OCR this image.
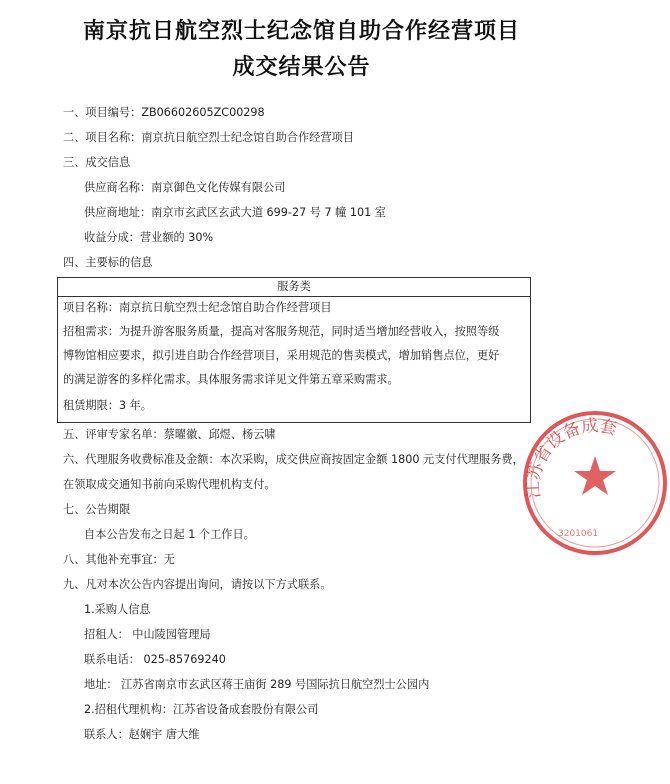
南京抗日航空烈士纪念馆自助合作经营项目
成交结果公告
一、项目编号：ZB06602605ZC00298
二、项目名称：南京抗日航空烈士纪念馆自助合作经营项目
三、成交信息
供应商名称：南京御色文化传媒有限公司
供应商地址：南京市玄武区玄武大道 699-27 号 7 幢 101 室
收益分成：营业额的 30%
四、主要标的信息
服务类
项目名称：南京抗日航空烈士纪念馆自助合作经营项目
招租需求：为提升游客服务质量，提高对客服务规范，同时适当增加经营收入，按照等级
博物馆相应要求，拟引进自助合作经营项目，采用规范的售卖模式，增加销售点位，更好
的满足游客的多样化需求。具体服务需求详见文件第五章采购需求。
租赁期限：3 年。
五、评审专家名单：蔡曜徽、邱煜、杨云啸
六、代理服务收费标准及金额：本次采购，成交供应商按固定金额 1800 元支付代理服务费，
在领取成交通知书前向采购代理机构支付。
七、公告期限
自本公告发布之日起 1 个工作日。
八、其他补充事宜：无
九、凡对本次公告内容提出询问，请按以下方式联系。
1.采购人信息
招租人： 中山陵园管理局
联系电话： 025-85769240
地址： 江苏省南京市玄武区蒋王庙街 289 号国际抗日航空烈士公园内
2.招租代理机构：江苏省设备成套股份有限公司
联系人：赵娴宇 唐大维
江苏省设备成套
3201061
